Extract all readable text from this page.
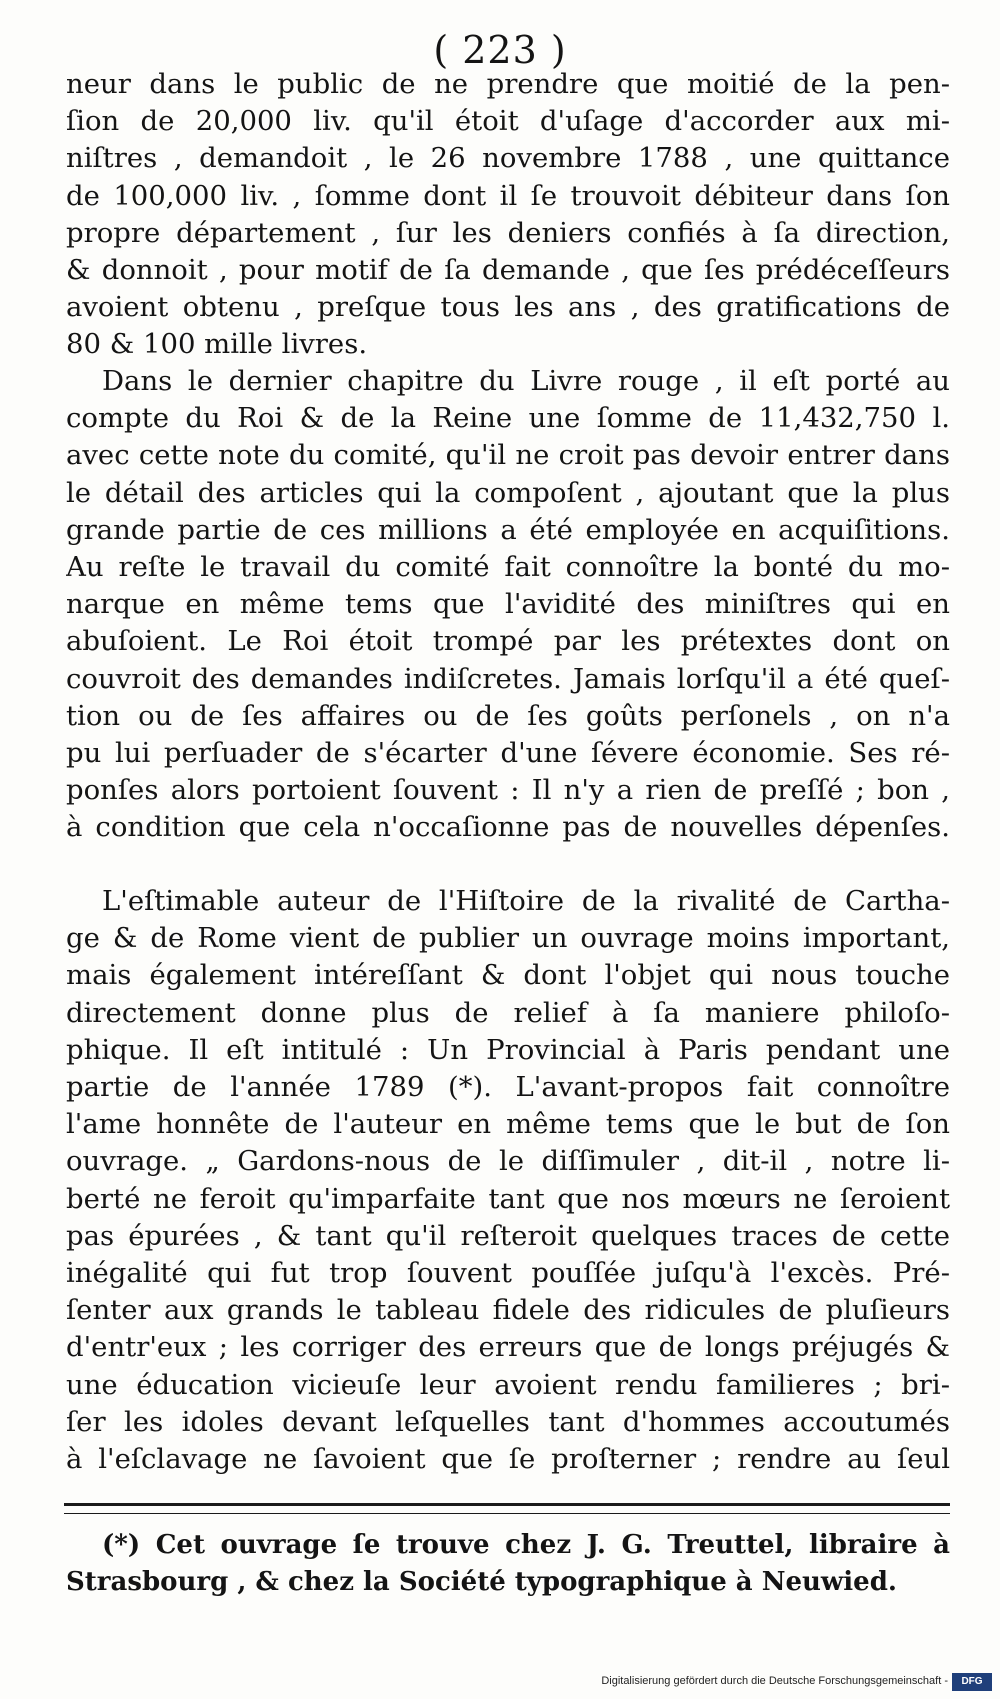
( 223 )
neur dans le public de ne prendre que moitié de la pen-
ſion de 20,000 liv. qu'il étoit d'uſage d'accorder aux mi-
niſtres , demandoit , le 26 novembre 1788 , une quittance
de 100,000 liv. , ſomme dont il ſe trouvoit débiteur dans ſon
propre département , ſur les deniers confiés à ſa direction,
& donnoit , pour motif de ſa demande , que ſes prédéceſſeurs
avoient obtenu , preſque tous les ans , des gratifications de
80 & 100 mille livres.
Dans le dernier chapitre du Livre rouge , il eſt porté au
compte du Roi & de la Reine une ſomme de 11,432,750 l.
avec cette note du comité, qu'il ne croit pas devoir entrer dans
le détail des articles qui la compoſent , ajoutant que la plus
grande partie de ces millions a été employée en acquiſitions.
Au reſte le travail du comité fait connoître la bonté du mo-
narque en même tems que l'avidité des miniſtres qui en
abuſoient. Le Roi étoit trompé par les prétextes dont on
couvroit des demandes indiſcretes. Jamais lorſqu'il a été queſ-
tion ou de ſes affaires ou de ſes goûts perſonels , on n'a
pu lui perſuader de s'écarter d'une ſévere économie. Ses ré-
ponſes alors portoient ſouvent : Il n'y a rien de preſſé ; bon ,
à condition que cela n'occaſionne pas de nouvelles dépenſes.
L'eſtimable auteur de l'Hiſtoire de la rivalité de Cartha-
ge & de Rome vient de publier un ouvrage moins important,
mais également intéreſſant & dont l'objet qui nous touche
directement donne plus de relief à ſa maniere philoſo-
phique. Il eſt intitulé : Un Provincial à Paris pendant une
partie de l'année 1789 (*). L'avant-propos fait connoître
l'ame honnête de l'auteur en même tems que le but de ſon
ouvrage. „ Gardons-nous de le diſſimuler , dit-il , notre li-
berté ne feroit qu'imparfaite tant que nos mœurs ne ſeroient
pas épurées , & tant qu'il reſteroit quelques traces de cette
inégalité qui fut trop ſouvent pouſſée juſqu'à l'excès. Pré-
ſenter aux grands le tableau fidele des ridicules de pluſieurs
d'entr'eux ; les corriger des erreurs que de longs préjugés &
une éducation vicieuſe leur avoient rendu familieres ; bri-
ſer les idoles devant leſquelles tant d'hommes accoutumés
à l'eſclavage ne ſavoient que ſe proſterner ; rendre au ſeul
(*) Cet ouvrage ſe trouve chez J. G. Treuttel, libraire à
Strasbourg , & chez la Société typographique à Neuwied.
Digitalisierung gefördert durch die Deutsche Forschungsgemeinschaft -	DFG
